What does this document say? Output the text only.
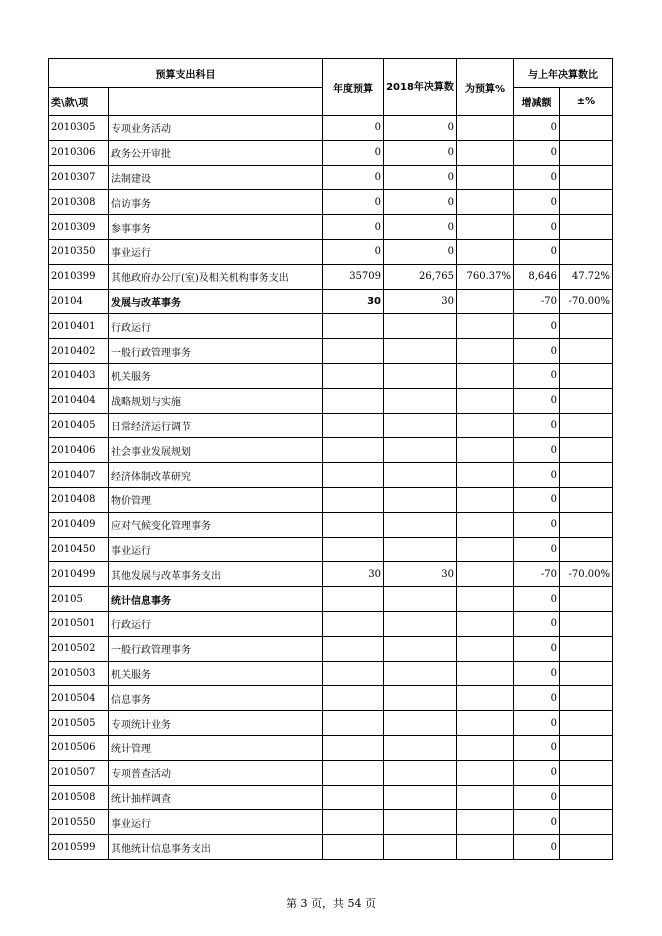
预算支出科目		年度预算	2018年决算数	为预算%	与上年决算数比	
类\款\项					增减额	±%
2010305	专项业务活动	0	0		0	
2010306	政务公开审批	0	0		0	
2010307	法制建设	0	0		0	
2010308	信访事务	0	0		0	
2010309	参事事务	0	0		0	
2010350	事业运行	0	0		0	
2010399	其他政府办公厅(室)及相关机构事务支出	35709	26,765	760.37%	8,646	47.72%
20104	发展与改革事务	30	30		-70	-70.00%
2010401	行政运行				0	
2010402	一般行政管理事务				0	
2010403	机关服务				0	
2010404	战略规划与实施				0	
2010405	日常经济运行调节				0	
2010406	社会事业发展规划				0	
2010407	经济体制改革研究				0	
2010408	物价管理				0	
2010409	应对气候变化管理事务				0	
2010450	事业运行				0	
2010499	其他发展与改革事务支出	30	30		-70	-70.00%
20105	统计信息事务				0	
2010501	行政运行				0	
2010502	一般行政管理事务				0	
2010503	机关服务				0	
2010504	信息事务				0	
2010505	专项统计业务				0	
2010506	统计管理				0	
2010507	专项普查活动				0	
2010508	统计抽样调查				0	
2010550	事业运行				0	
2010599	其他统计信息事务支出				0	
第 3 页，共 54 页
